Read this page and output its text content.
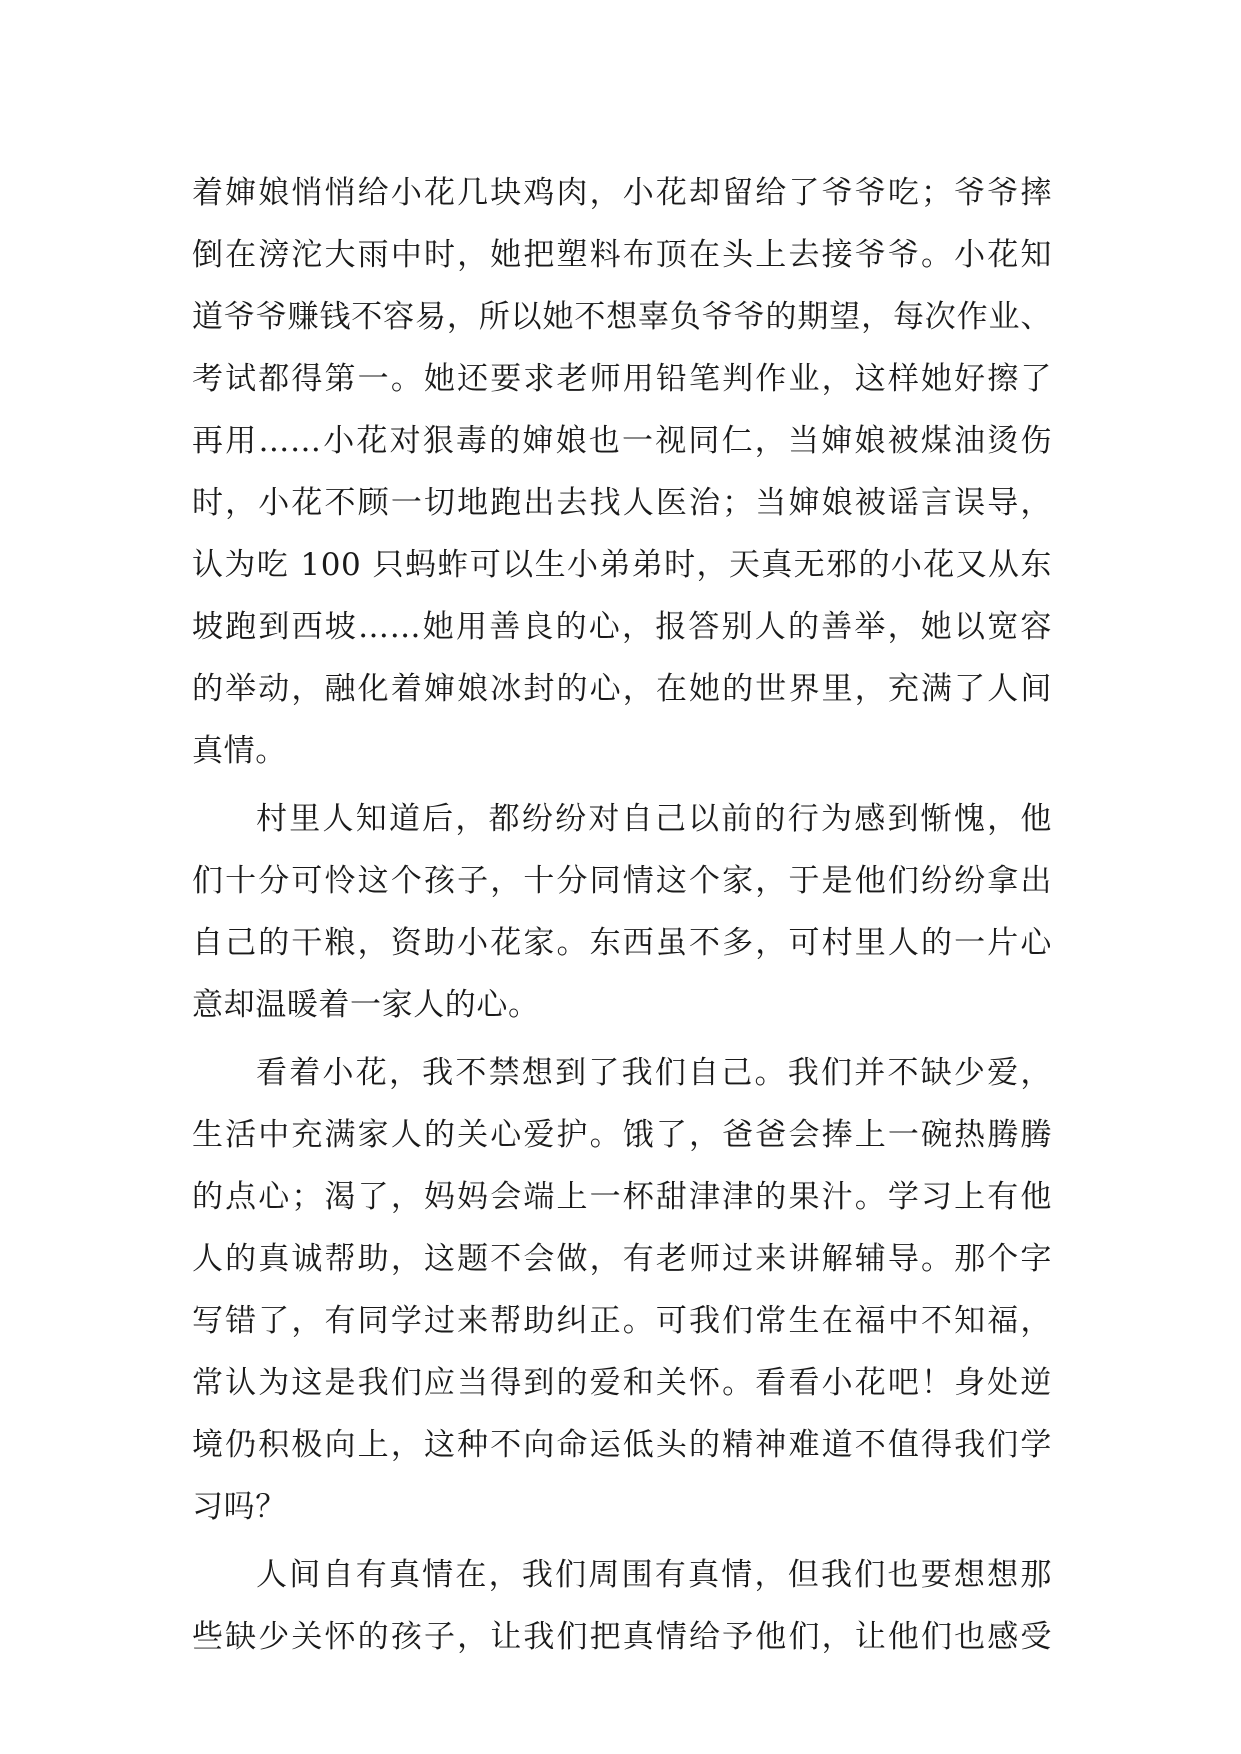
着婶娘悄悄给小花几块鸡肉，小花却留给了爷爷吃；爷爷摔
倒在滂沱大雨中时，她把塑料布顶在头上去接爷爷。小花知
道爷爷赚钱不容易，所以她不想辜负爷爷的期望，每次作业、
考试都得第一。她还要求老师用铅笔判作业，这样她好擦了
再用……小花对狠毒的婶娘也一视同仁，当婶娘被煤油烫伤
时，小花不顾一切地跑出去找人医治；当婶娘被谣言误导，
认为吃 100 只蚂蚱可以生小弟弟时，天真无邪的小花又从东
坡跑到西坡……她用善良的心，报答别人的善举，她以宽容
的举动，融化着婶娘冰封的心，在她的世界里，充满了人间
真情。
村里人知道后，都纷纷对自己以前的行为感到惭愧，他
们十分可怜这个孩子，十分同情这个家，于是他们纷纷拿出
自己的干粮，资助小花家。东西虽不多，可村里人的一片心
意却温暖着一家人的心。
看着小花，我不禁想到了我们自己。我们并不缺少爱，
生活中充满家人的关心爱护。饿了，爸爸会捧上一碗热腾腾
的点心；渴了，妈妈会端上一杯甜津津的果汁。学习上有他
人的真诚帮助，这题不会做，有老师过来讲解辅导。那个字
写错了，有同学过来帮助纠正。可我们常生在福中不知福，
常认为这是我们应当得到的爱和关怀。看看小花吧！身处逆
境仍积极向上，这种不向命运低头的精神难道不值得我们学
习吗？
人间自有真情在，我们周围有真情，但我们也要想想那
些缺少关怀的孩子，让我们把真情给予他们，让他们也感受
